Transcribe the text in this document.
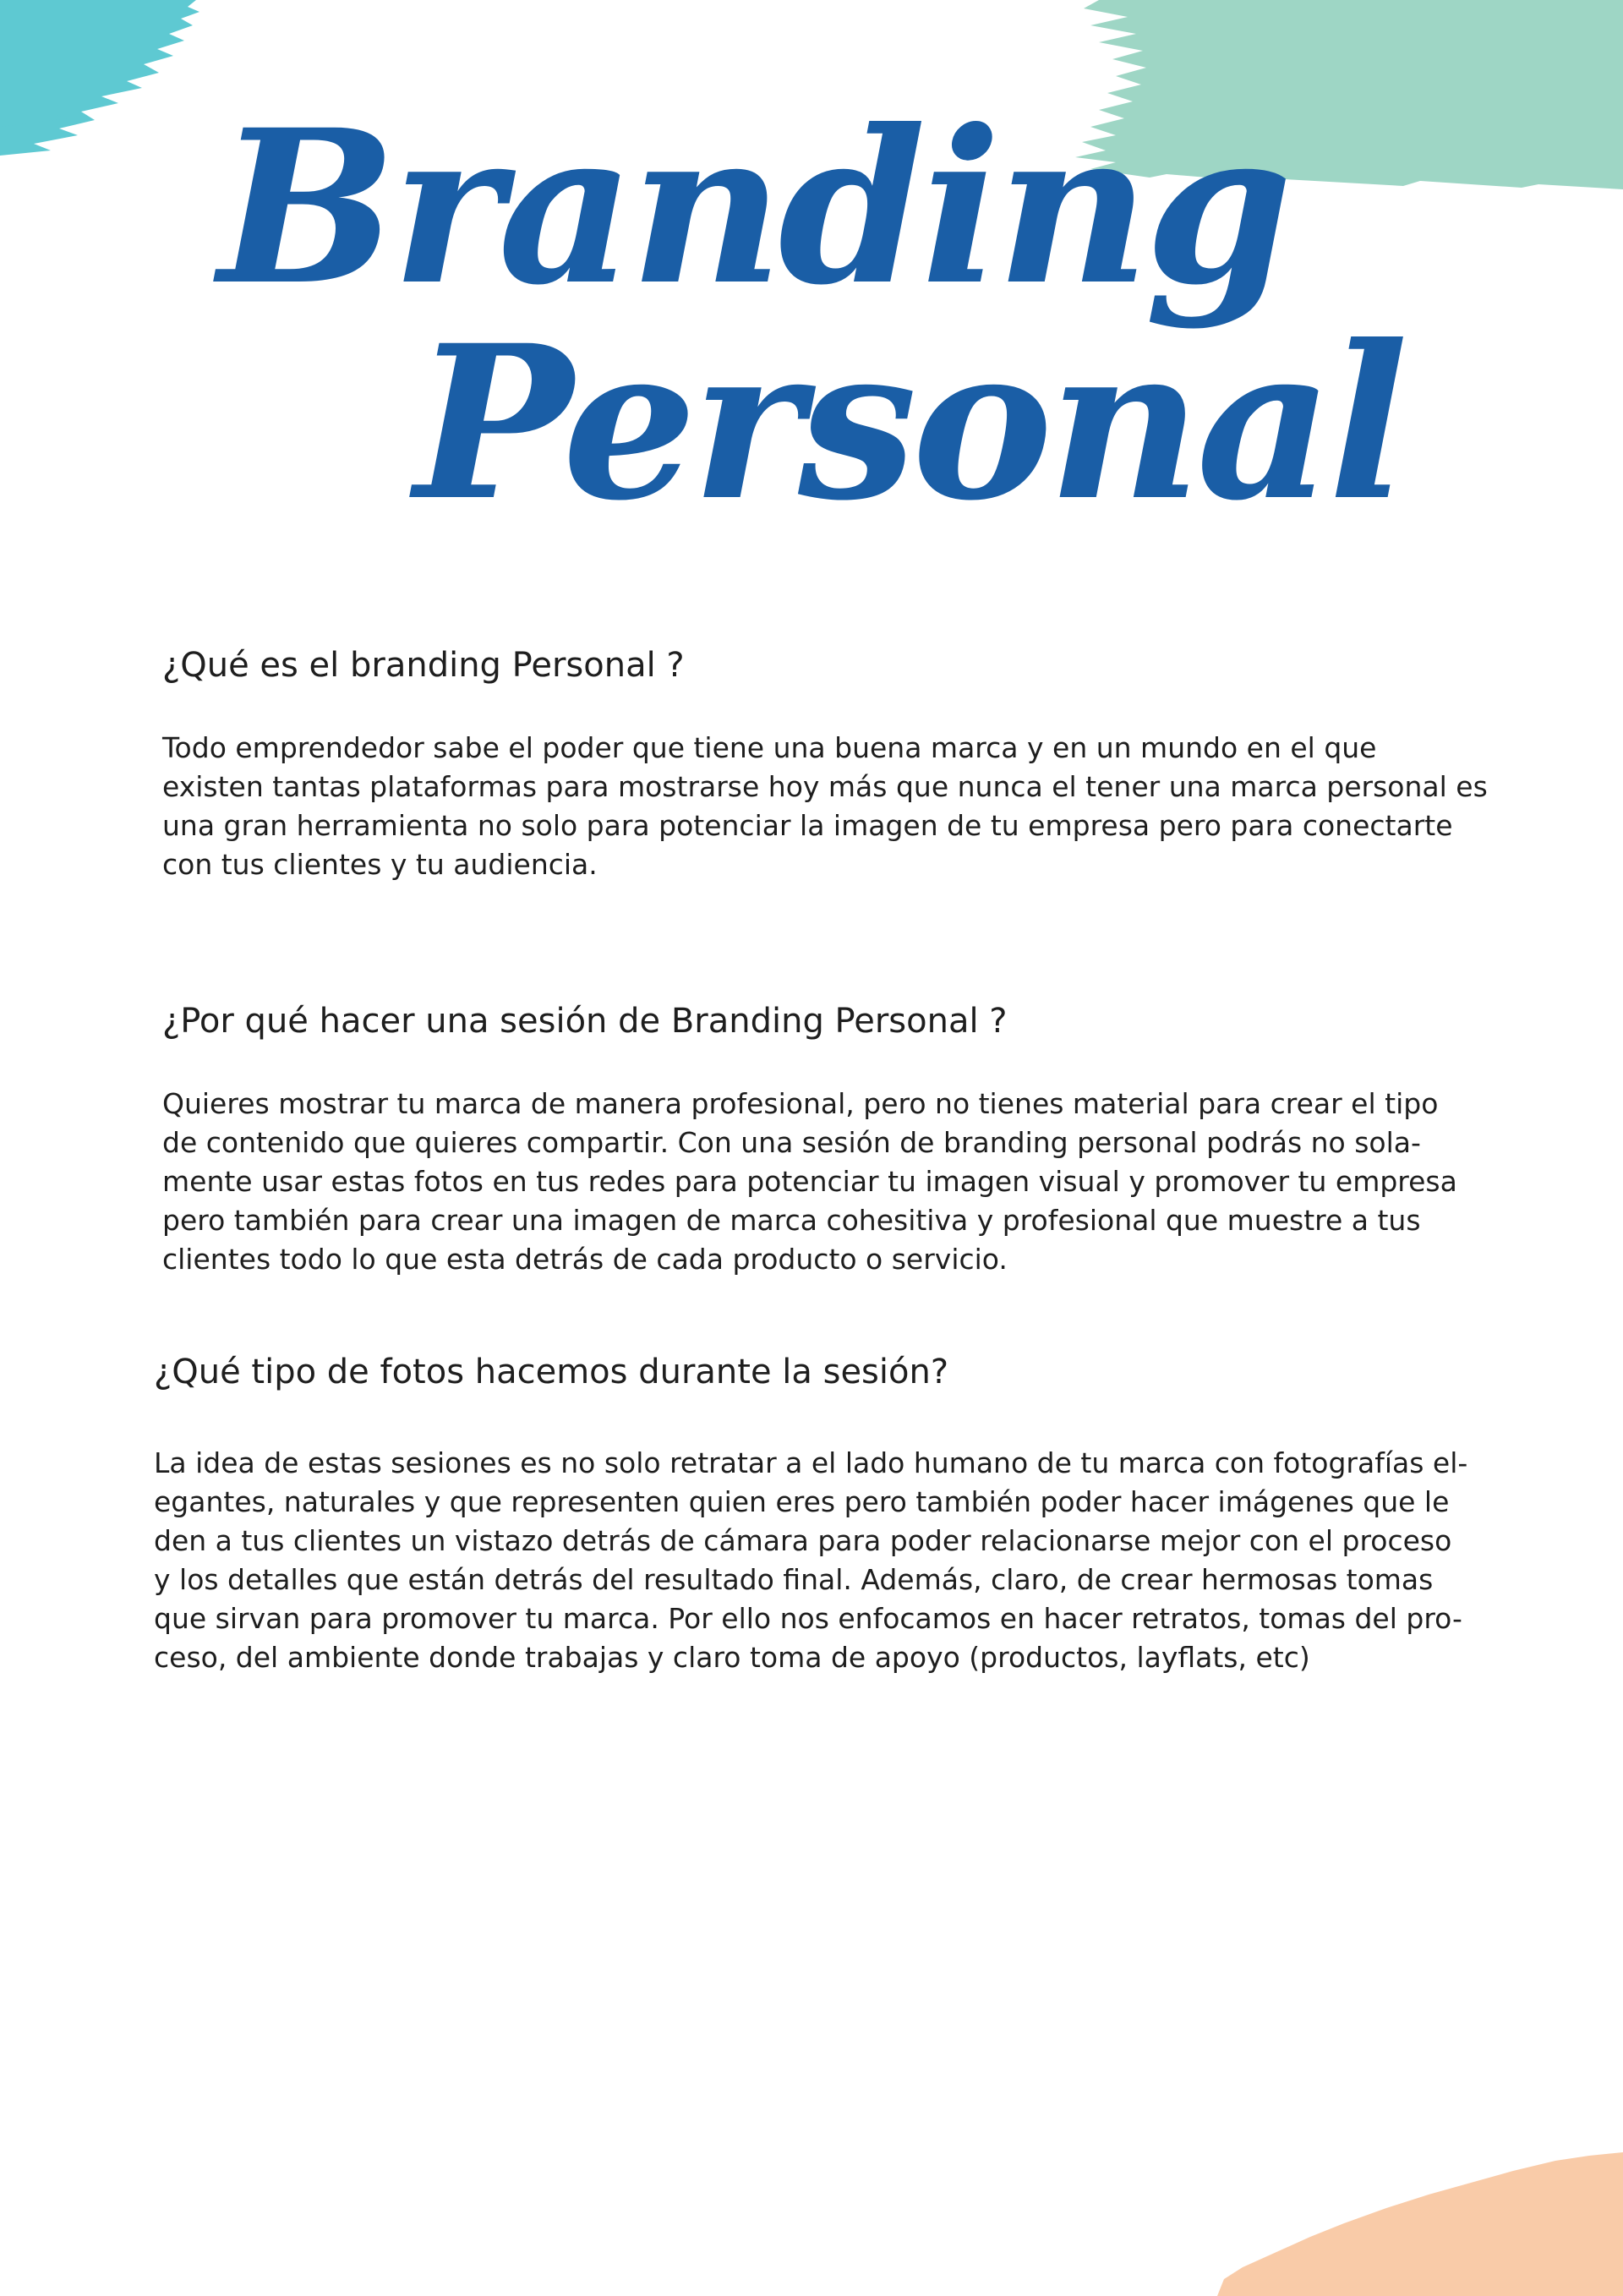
Branding
Personal
¿Qué es el branding Personal ?

Todo emprendedor sabe el poder que tiene una buena marca y en un mundo en el que
existen tantas plataformas para mostrarse hoy más que nunca el tener una marca personal es
una gran herramienta no solo para potenciar la imagen de tu empresa pero para conectarte
con tus clientes y tu audiencia.

¿Por qué hacer una sesión de Branding Personal ?

Quieres mostrar tu marca de manera profesional, pero no tienes material para crear el tipo
de contenido que quieres compartir. Con una sesión de branding personal podrás no sola-
mente usar estas fotos en tus redes para potenciar tu imagen visual y promover tu empresa
pero también para crear una imagen de marca cohesitiva y profesional que muestre a tus
clientes todo lo que esta detrás de cada producto o servicio.

¿Qué tipo de fotos hacemos durante la sesión?

La idea de estas sesiones es no solo retratar a el lado humano de tu marca con fotografías el-
egantes, naturales y que representen quien eres pero también poder hacer imágenes que le
den a tus clientes un vistazo detrás de cámara para poder relacionarse mejor con el proceso
y los detalles que están detrás del resultado final. Además, claro, de crear hermosas tomas
que sirvan para promover tu marca. Por ello nos enfocamos en hacer retratos, tomas del pro-
ceso, del ambiente donde trabajas y claro toma de apoyo (productos, layflats, etc)
